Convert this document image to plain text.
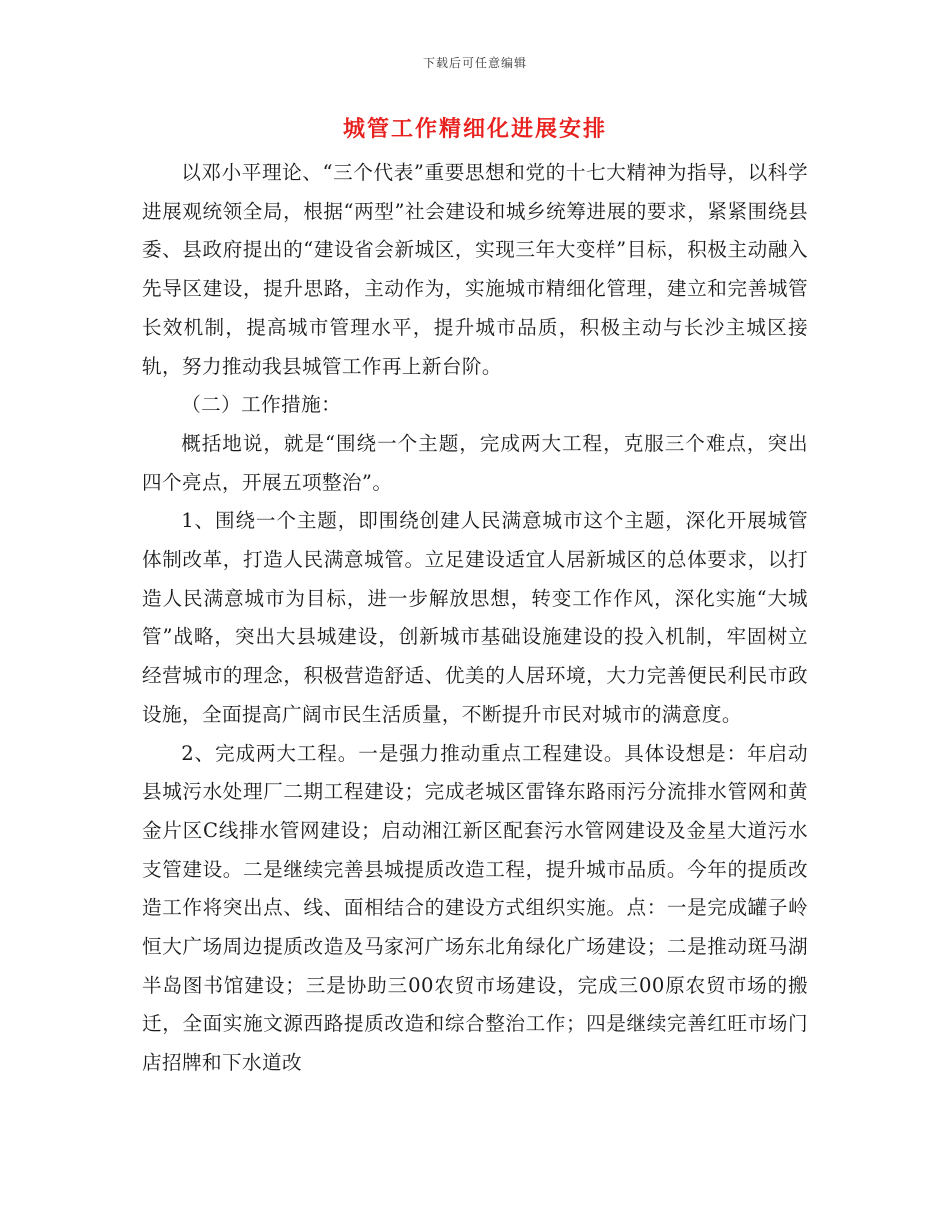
下载后可任意编辑
城管工作精细化进展安排

以邓小平理论、“三个代表”重要思想和党的十七大精神为指导，以科学进展观统领全局，根据“两型”社会建设和城乡统筹进展的要求，紧紧围绕县委、县政府提出的“建设省会新城区，实现三年大变样”目标，积极主动融入先导区建设，提升思路，主动作为，实施城市精细化管理，建立和完善城管长效机制，提高城市管理水平，提升城市品质，积极主动与长沙主城区接轨，努力推动我县城管工作再上新台阶。

（二）工作措施：

概括地说，就是“围绕一个主题，完成两大工程，克服三个难点，突出四个亮点，开展五项整治”。

1、围绕一个主题，即围绕创建人民满意城市这个主题，深化开展城管体制改革，打造人民满意城管。立足建设适宜人居新城区的总体要求，以打造人民满意城市为目标，进一步解放思想，转变工作作风，深化实施“大城管”战略，突出大县城建设，创新城市基础设施建设的投入机制，牢固树立经营城市的理念，积极营造舒适、优美的人居环境，大力完善便民利民市政设施，全面提高广阔市民生活质量，不断提升市民对城市的满意度。

2、完成两大工程。一是强力推动重点工程建设。具体设想是：年启动县城污水处理厂二期工程建设；完成老城区雷锋东路雨污分流排水管网和黄金片区C线排水管网建设；启动湘江新区配套污水管网建设及金星大道污水支管建设。二是继续完善县城提质改造工程，提升城市品质。今年的提质改造工作将突出点、线、面相结合的建设方式组织实施。点：一是完成罐子岭恒大广场周边提质改造及马家河广场东北角绿化广场建设；二是推动斑马湖半岛图书馆建设；三是协助三00农贸市场建设，完成三00原农贸市场的搬迁，全面实施文源西路提质改造和综合整治工作；四是继续完善红旺市场门店招牌和下水道改
